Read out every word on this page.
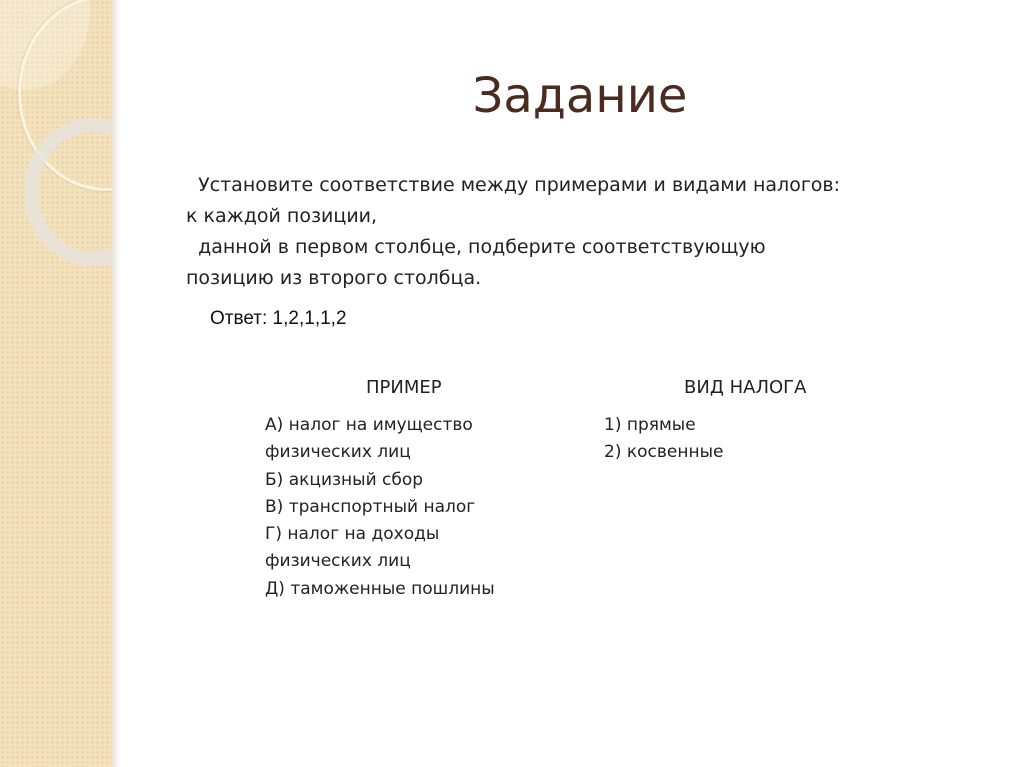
Задание
Установите соответствие между примерами и видами налогов:
к каждой позиции,
данной в первом столбце, подберите соответствующую
позицию из второго столбца.
Ответ: 1,2,1,1,2
ПРИМЕР	ВИД НАЛОГА
А) налог на имущество
физических лиц
Б) акцизный сбор
В) транспортный налог
Г) налог на доходы
физических лиц
Д) таможенные пошлины
1) прямые
2) косвенные
